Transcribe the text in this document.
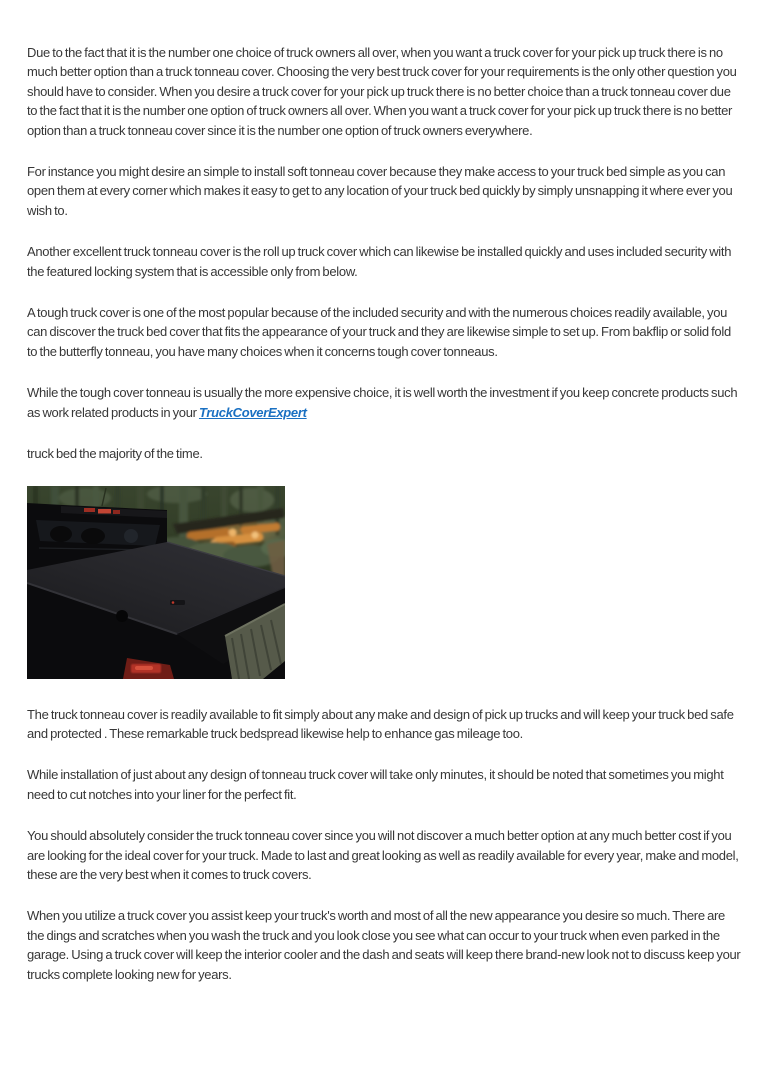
Due to the fact that it is the number one choice of truck owners all over, when you want a truck cover for your pick up truck there is no much better option than a truck tonneau cover. Choosing the very best truck cover for your requirements is the only other question you should have to consider. When you desire a truck cover for your pick up truck there is no better choice than a truck tonneau cover due to the fact that it is the number one option of truck owners all over. When you want a truck cover for your pick up truck there is no better option than a truck tonneau cover since it is the number one option of truck owners everywhere.

For instance you might desire an simple to install soft tonneau cover because they make access to your truck bed simple as you can open them at every corner which makes it easy to get to any location of your truck bed quickly by simply unsnapping it where ever you wish to.

Another excellent truck tonneau cover is the roll up truck cover which can likewise be installed quickly and uses included security with the featured locking system that is accessible only from below.

A tough truck cover is one of the most popular because of the included security and with the numerous choices readily available, you can discover the truck bed cover that fits the appearance of your truck and they are likewise simple to set up. From bakflip or solid fold to the butterfly tonneau, you have many choices when it concerns tough cover tonneaus.

While the tough cover tonneau is usually the more expensive choice, it is well worth the investment if you keep concrete products such as work related products in your TruckCoverExpert

truck bed the majority of the time.

The truck tonneau cover is readily available to fit simply about any make and design of pick up trucks and will keep your truck bed safe and protected . These remarkable truck bedspread likewise help to enhance gas mileage too.

While installation of just about any design of tonneau truck cover will take only minutes, it should be noted that sometimes you might need to cut notches into your liner for the perfect fit.

You should absolutely consider the truck tonneau cover since you will not discover a much better option at any much better cost if you are looking for the ideal cover for your truck. Made to last and great looking as well as readily available for every year, make and model, these are the very best when it comes to truck covers.

When you utilize a truck cover you assist keep your truck's worth and most of all the new appearance you desire so much. There are the dings and scratches when you wash the truck and you look close you see what can occur to your truck when even parked in the garage. Using a truck cover will keep the interior cooler and the dash and seats will keep there brand-new look not to discuss keep your trucks complete looking new for years.
